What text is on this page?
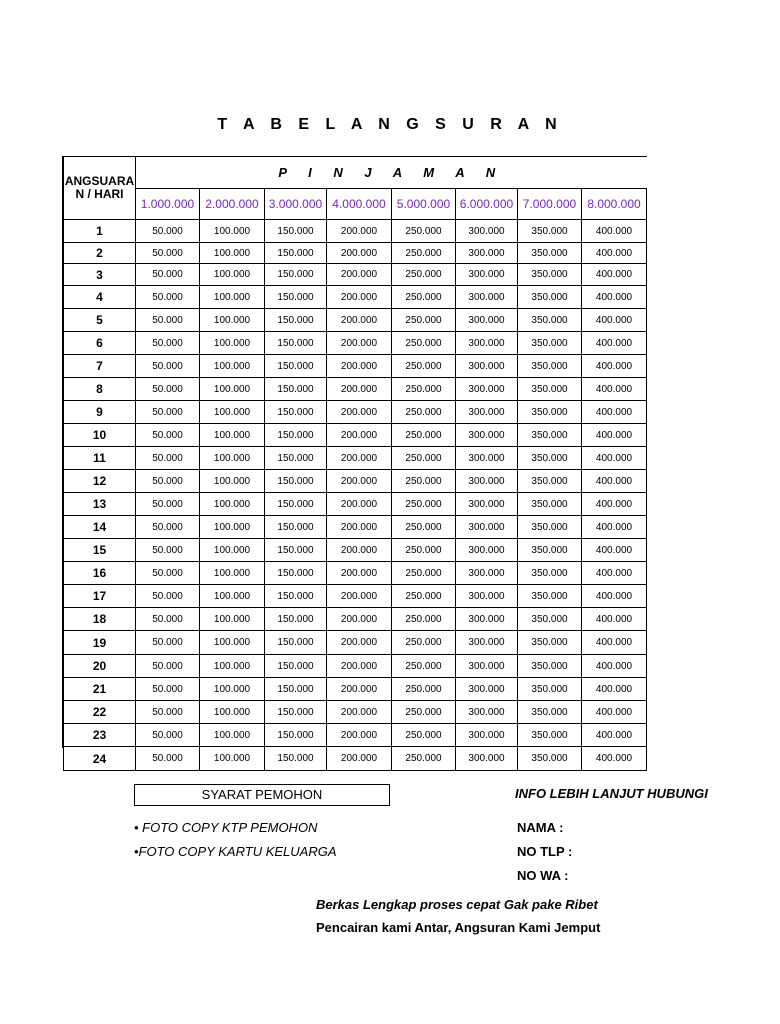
T A B E L A N G S U R A N
ANGSUARA N / HARI	P I N J A M A N							
	1.000.000	2.000.000	3.000.000	4.000.000	5.000.000	6.000.000	7.000.000	8.000.000
1	50.000	100.000	150.000	200.000	250.000	300.000	350.000	400.000
2	50.000	100.000	150.000	200.000	250.000	300.000	350.000	400.000
3	50.000	100.000	150.000	200.000	250.000	300.000	350.000	400.000
4	50.000	100.000	150.000	200.000	250.000	300.000	350.000	400.000
5	50.000	100.000	150.000	200.000	250.000	300.000	350.000	400.000
6	50.000	100.000	150.000	200.000	250.000	300.000	350.000	400.000
7	50.000	100.000	150.000	200.000	250.000	300.000	350.000	400.000
8	50.000	100.000	150.000	200.000	250.000	300.000	350.000	400.000
9	50.000	100.000	150.000	200.000	250.000	300.000	350.000	400.000
10	50.000	100.000	150.000	200.000	250.000	300.000	350.000	400.000
11	50.000	100.000	150.000	200.000	250.000	300.000	350.000	400.000
12	50.000	100.000	150.000	200.000	250.000	300.000	350.000	400.000
13	50.000	100.000	150.000	200.000	250.000	300.000	350.000	400.000
14	50.000	100.000	150.000	200.000	250.000	300.000	350.000	400.000
15	50.000	100.000	150.000	200.000	250.000	300.000	350.000	400.000
16	50.000	100.000	150.000	200.000	250.000	300.000	350.000	400.000
17	50.000	100.000	150.000	200.000	250.000	300.000	350.000	400.000
18	50.000	100.000	150.000	200.000	250.000	300.000	350.000	400.000
19	50.000	100.000	150.000	200.000	250.000	300.000	350.000	400.000
20	50.000	100.000	150.000	200.000	250.000	300.000	350.000	400.000
21	50.000	100.000	150.000	200.000	250.000	300.000	350.000	400.000
22	50.000	100.000	150.000	200.000	250.000	300.000	350.000	400.000
23	50.000	100.000	150.000	200.000	250.000	300.000	350.000	400.000
24	50.000	100.000	150.000	200.000	250.000	300.000	350.000	400.000
SYARAT PEMOHON	INFO LEBIH LANJUT HUBUNGI
• FOTO COPY KTP PEMOHON
•FOTO COPY KARTU KELUARGA
NAMA :
NO TLP :
NO WA :
Berkas Lengkap proses cepat Gak pake Ribet
Pencairan kami Antar, Angsuran Kami Jemput
